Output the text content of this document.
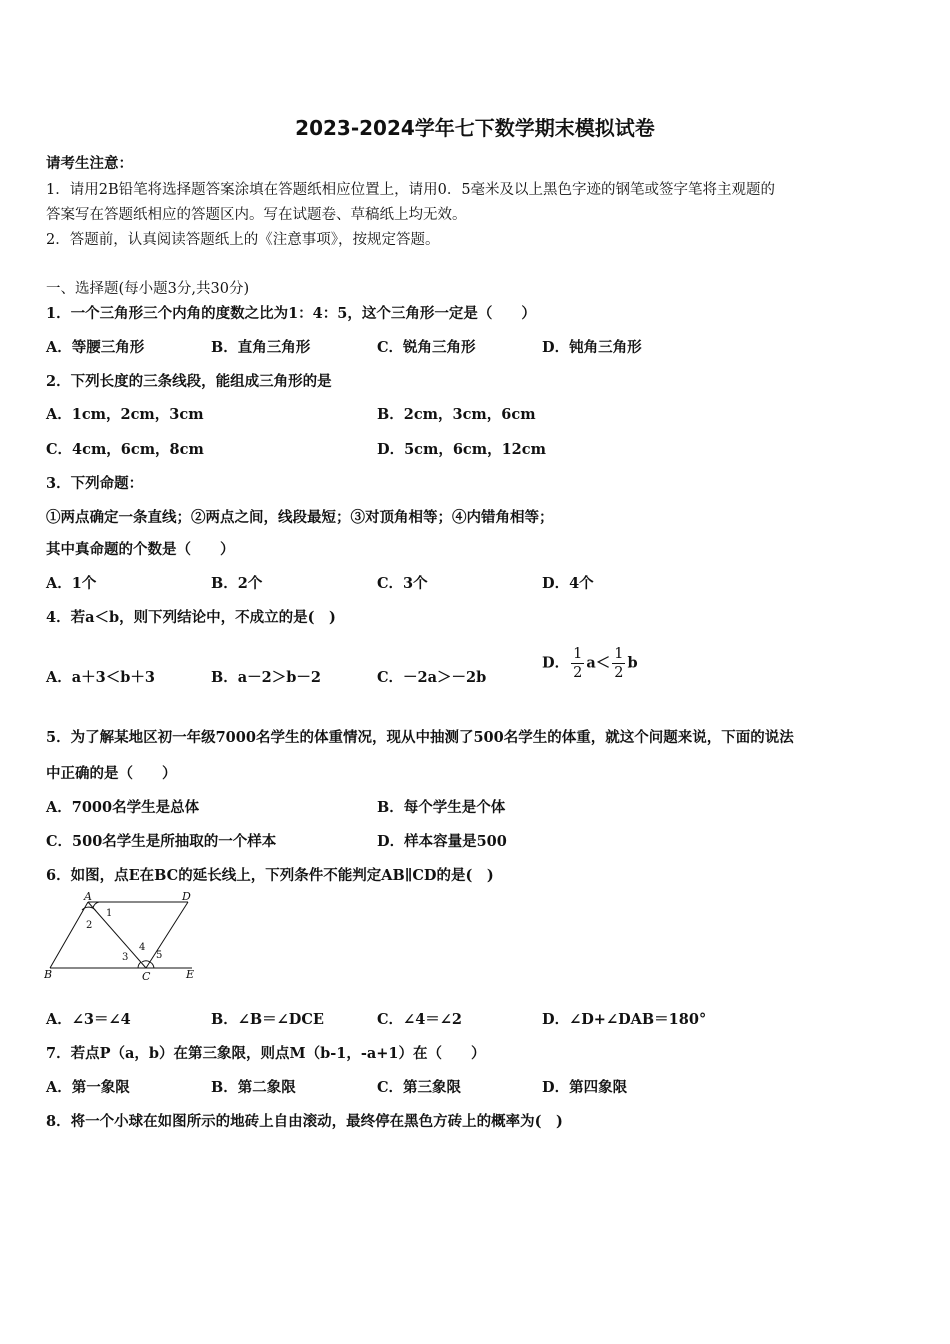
2023-2024学年七下数学期末模拟试卷
请考生注意：
1．请用2B铅笔将选择题答案涂填在答题纸相应位置上，请用0．5毫米及以上黑色字迹的钢笔或签字笔将主观题的
答案写在答题纸相应的答题区内。写在试题卷、草稿纸上均无效。
2．答题前，认真阅读答题纸上的《注意事项》，按规定答题。
一、选择题(每小题3分,共30分)
1．一个三角形三个内角的度数之比为1：4：5，这个三角形一定是（　　）
A．等腰三角形	B．直角三角形	C．锐角三角形	D．钝角三角形
2．下列长度的三条线段，能组成三角形的是
A．1cm，2cm，3cm	B．2cm，3cm，6cm
C．4cm，6cm，8cm	D．5cm，6cm，12cm
3．下列命题：
①两点确定一条直线；②两点之间，线段最短；③对顶角相等；④内错角相等；
其中真命题的个数是（　　）
A．1个	B．2个	C．3个	D．4个
4．若a＜b，则下列结论中，不成立的是(　)
A．a＋3＜b＋3	B．a－2＞b－2	C．－2a＞－2b
D． $\frac{1}{2} a< \frac{1}{2}$ b
5．为了解某地区初一年级7000名学生的体重情况，现从中抽测了500名学生的体重，就这个问题来说，下面的说法
中正确的是（　　）
A．7000名学生是总体	B．每个学生是个体
C．500名学生是所抽取的一个样本	D．样本容量是500
6．如图，点E在BC的延长线上，下列条件不能判定AB∥CD的是(　)
A	D
B	C	E
1
2
3
4
5
A．∠3＝∠4	B．∠B＝∠DCE	C．∠4＝∠2	D．∠D+∠DAB＝180°
7．若点P（a，b）在第三象限，则点M（b-1，-a+1）在（　　）
A．第一象限	B．第二象限	C．第三象限	D．第四象限
8．将一个小球在如图所示的地砖上自由滚动，最终停在黑色方砖上的概率为(　)
